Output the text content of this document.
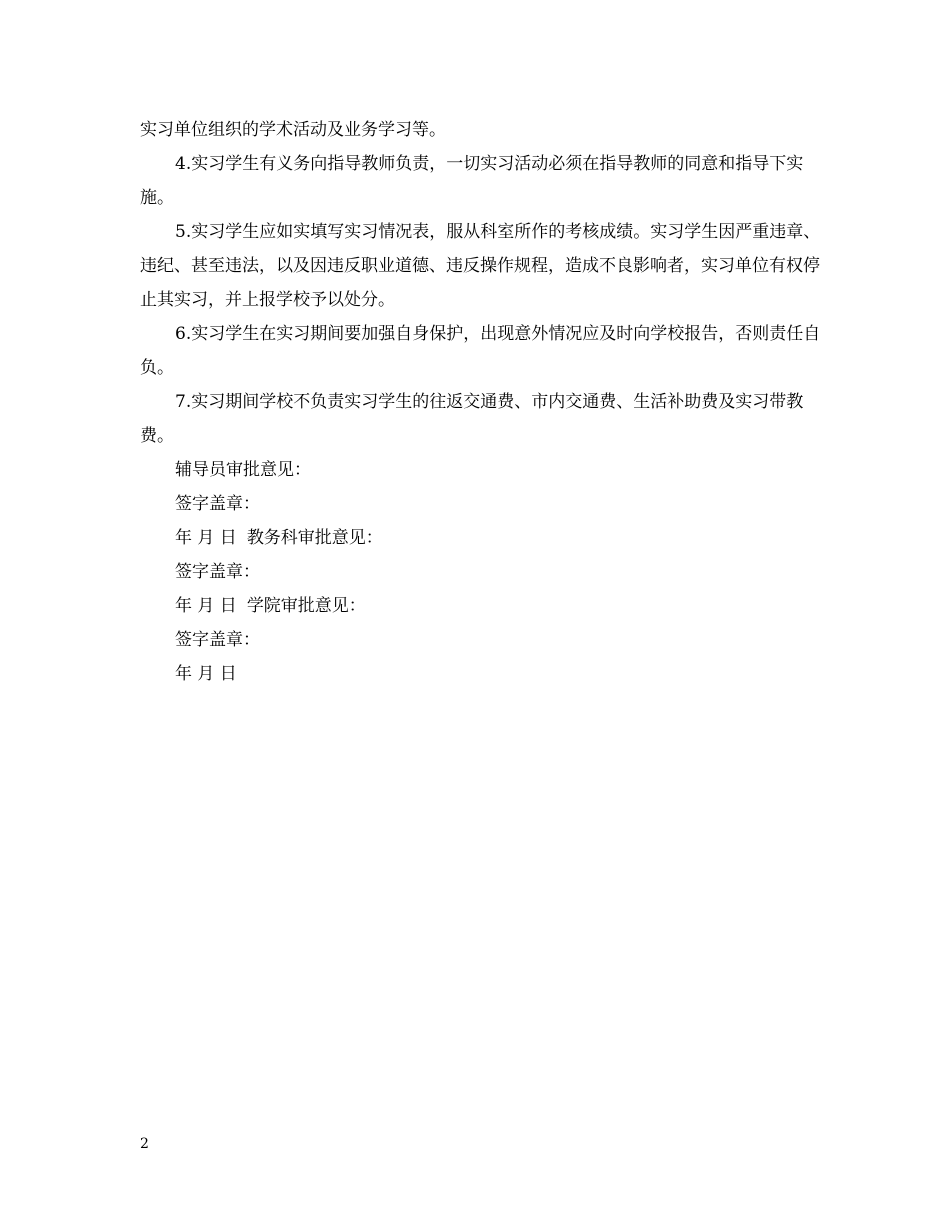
实习单位组织的学术活动及业务学习等。

4.实习学生有义务向指导教师负责，一切实习活动必须在指导教师的同意和指导下实施。

5.实习学生应如实填写实习情况表，服从科室所作的考核成绩。实习学生因严重违章、违纪、甚至违法，以及因违反职业道德、违反操作规程，造成不良影响者，实习单位有权停止其实习，并上报学校予以处分。

6.实习学生在实习期间要加强自身保护，出现意外情况应及时向学校报告，否则责任自负。

7.实习期间学校不负责实习学生的往返交通费、市内交通费、生活补助费及实习带教费。

辅导员审批意见：
签字盖章：
年 月 日 教务科审批意见：
签字盖章：
年 月 日 学院审批意见：
签字盖章：
年 月 日
2
